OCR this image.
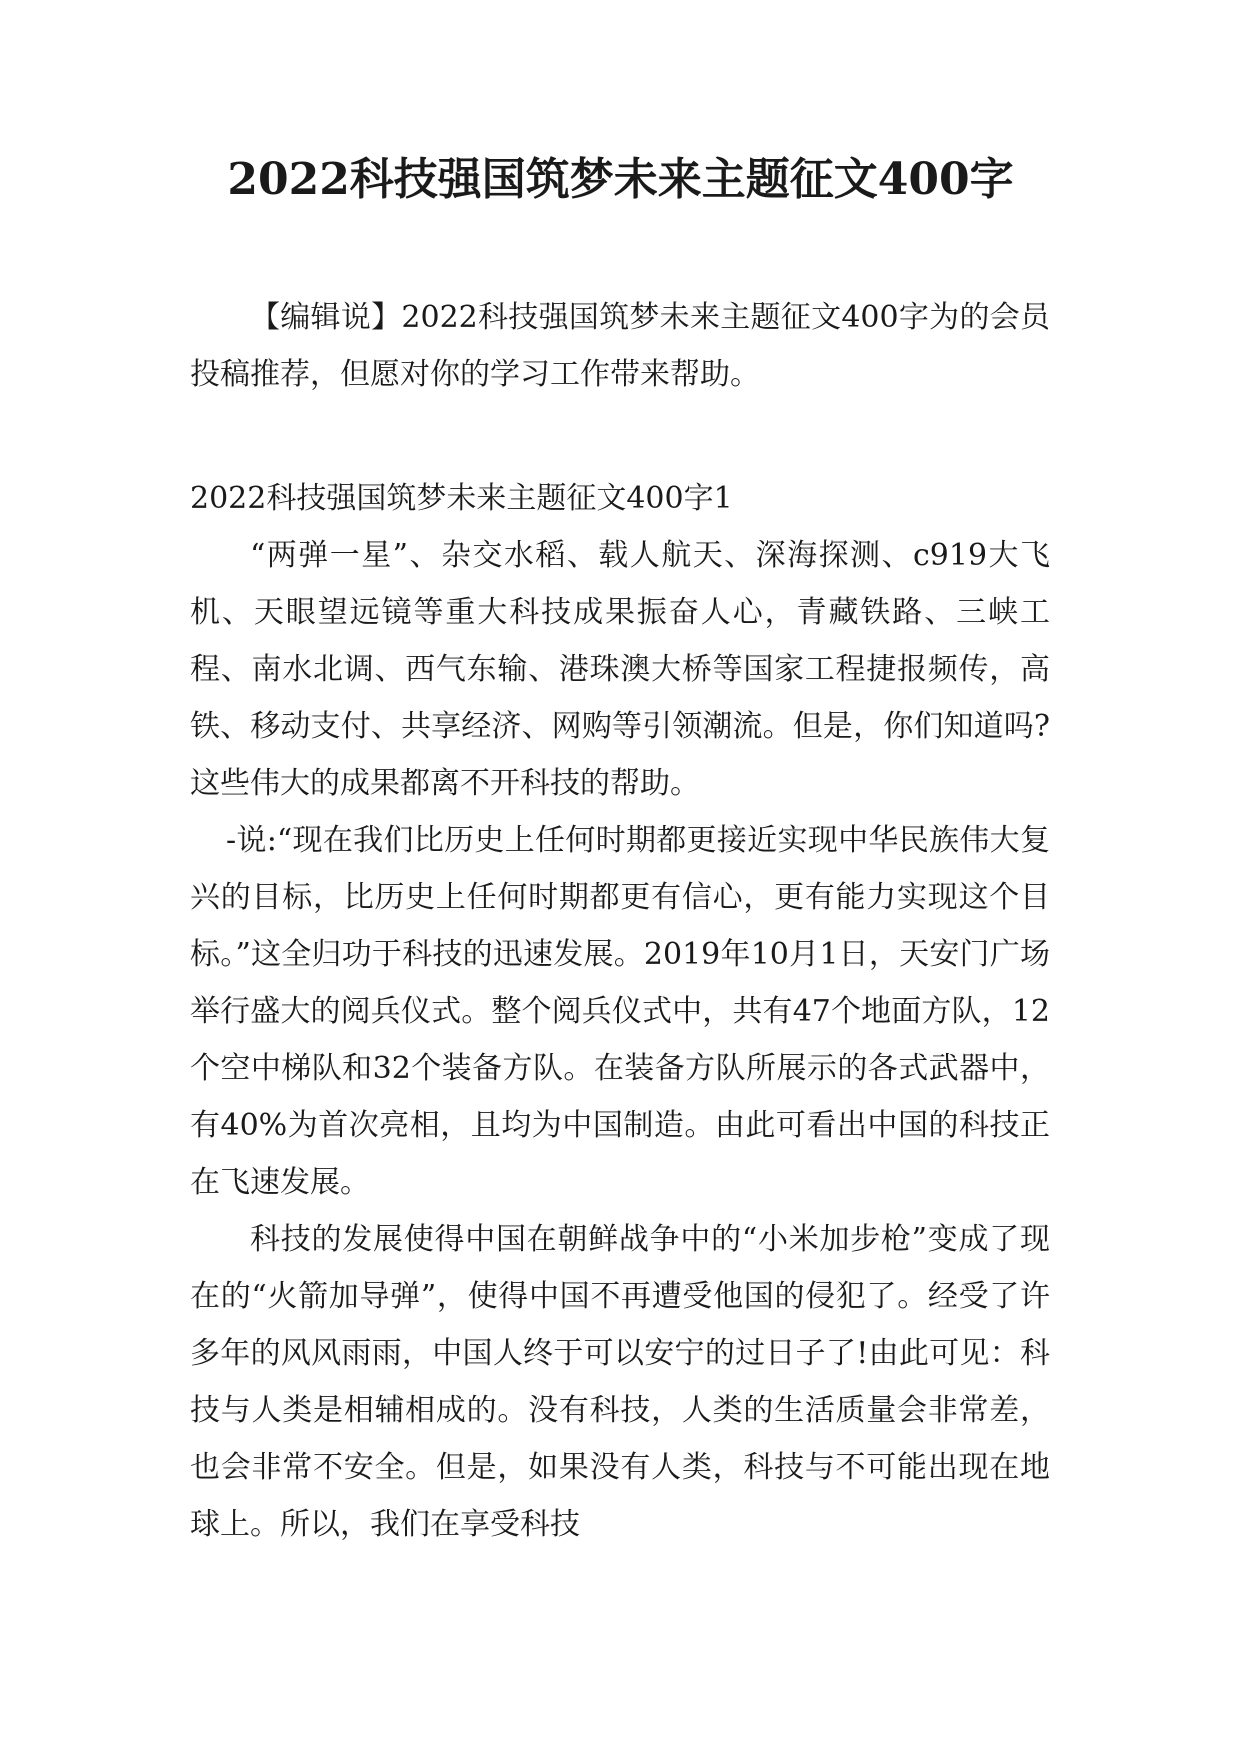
2022科技强国筑梦未来主题征文400字

【编辑说】2022科技强国筑梦未来主题征文400字为的会员投稿推荐，但愿对你的学习工作带来帮助。

2022科技强国筑梦未来主题征文400字1

“两弹一星”、杂交水稻、载人航天、深海探测、c919大飞机、天眼望远镜等重大科技成果振奋人心，青藏铁路、三峡工程、南水北调、西气东输、港珠澳大桥等国家工程捷报频传，高铁、移动支付、共享经济、网购等引领潮流。但是，你们知道吗?这些伟大的成果都离不开科技的帮助。

-说:“现在我们比历史上任何时期都更接近实现中华民族伟大复兴的目标，比历史上任何时期都更有信心，更有能力实现这个目标。”这全归功于科技的迅速发展。2019年10月1日，天安门广场举行盛大的阅兵仪式。整个阅兵仪式中，共有47个地面方队，12个空中梯队和32个装备方队。在装备方队所展示的各式武器中，有40%为首次亮相，且均为中国制造。由此可看出中国的科技正在飞速发展。

科技的发展使得中国在朝鲜战争中的“小米加步枪”变成了现在的“火箭加导弹”，使得中国不再遭受他国的侵犯了。经受了许多年的风风雨雨，中国人终于可以安宁的过日子了!由此可见：科技与人类是相辅相成的。没有科技，人类的生活质量会非常差，也会非常不安全。但是，如果没有人类，科技与不可能出现在地球上。所以，我们在享受科技
